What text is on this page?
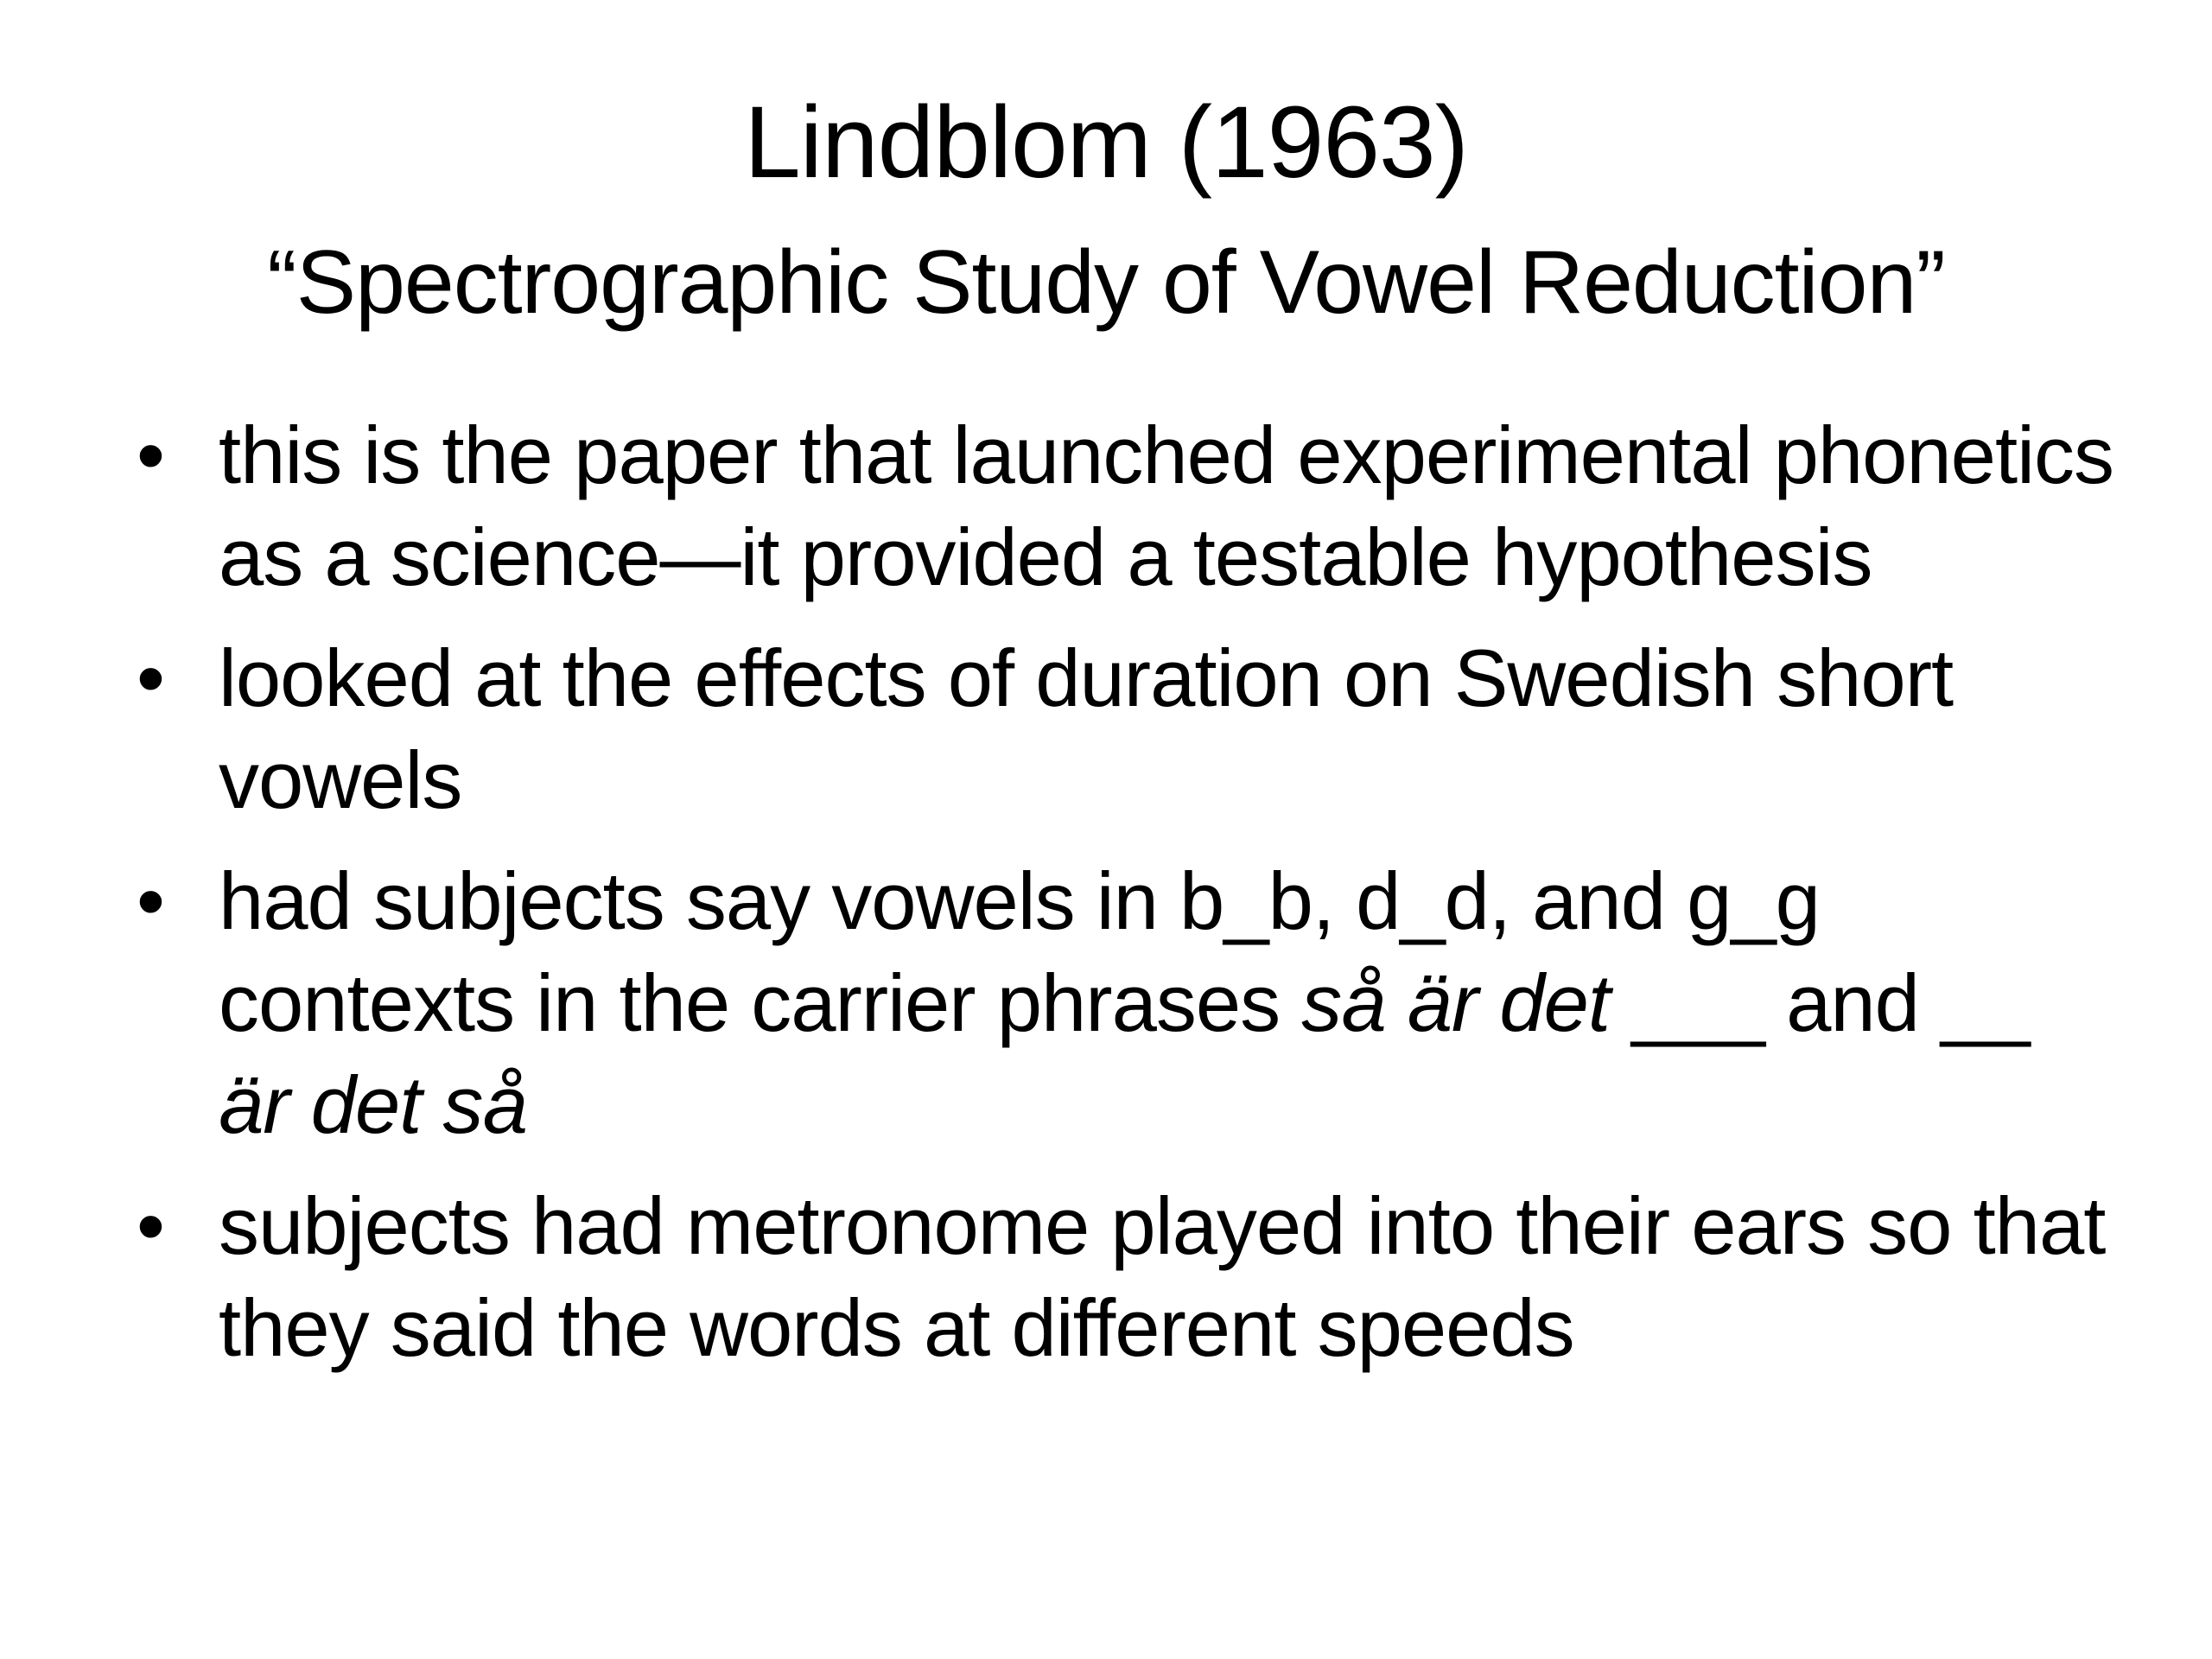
Lindblom (1963)
“Spectrographic Study of Vowel Reduction”
• this is the paper that launched experimental phonetics as a science—it provided a testable hypothesis
• looked at the effects of duration on Swedish short vowels
• had subjects say vowels in b_b, d_d, and g_g contexts in the carrier phrases så är det ___ and __ är det så
• subjects had metronome played into their ears so that they said the words at different speeds
